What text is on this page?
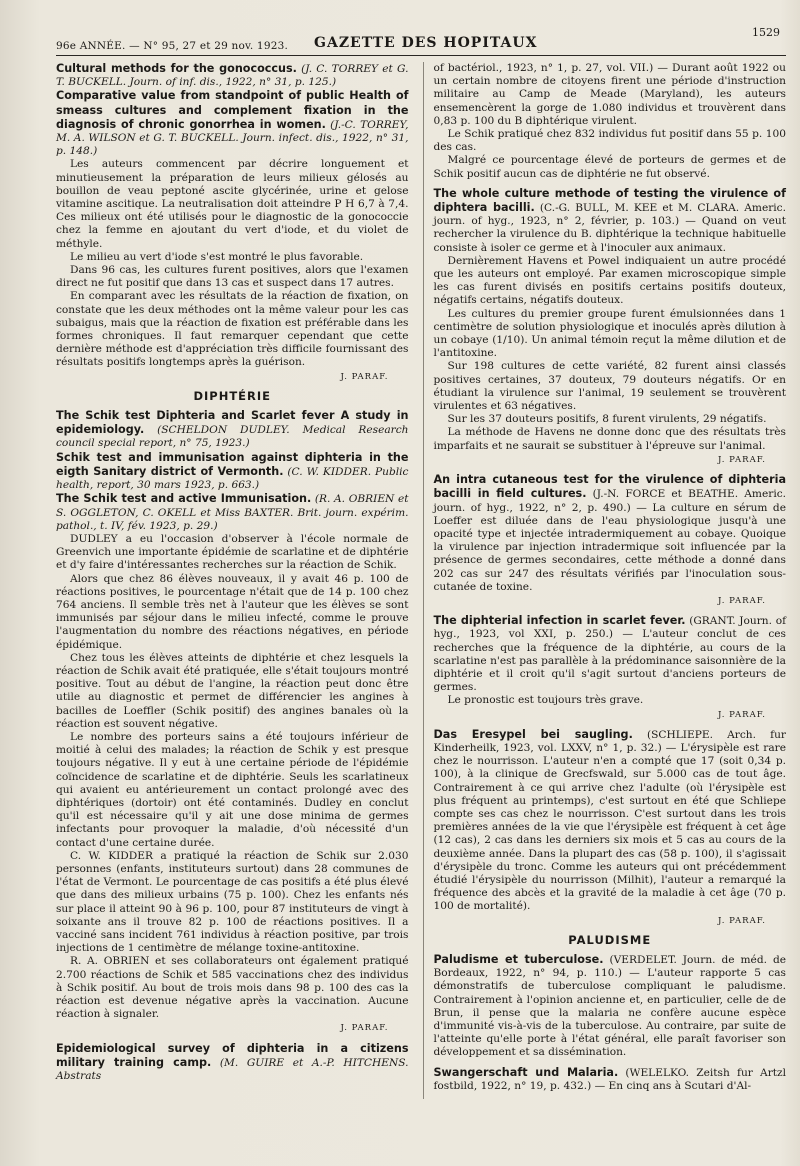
96e ANNÉE. — N° 95, 27 et 29 nov. 1923. GAZETTE DES HOPITAUX
1529
Cultural methods for the gonococcus. (J. C. TORREY et G. T. BUCKELL. Journ. of inf. dis., 1922, n° 31, p. 125.)
Comparative value from standpoint of public Health of smeass cultures and complement fixation in the diagnosis of chronic gonorrhea in women. (J.-C. TORREY, M. A. WILSON et G. T. BUCKELL. Journ. infect. dis., 1922, n° 31, p. 148.)

Les auteurs commencent par décrire longuement et minutieusement la préparation de leurs milieux gélosés au bouillon de veau peptoné ascite glycérinée, urine et gelose vitamine ascitique. La neutralisation doit atteindre P H 6,7 à 7,4. Ces milieux ont été utilisés pour le diagnostic de la gonococcie chez la femme en ajoutant du vert d'iode, et du violet de méthyle.

Le milieu au vert d'iode s'est montré le plus favorable.

Dans 96 cas, les cultures furent positives, alors que l'examen direct ne fut positif que dans 13 cas et suspect dans 17 autres.

En comparant avec les résultats de la réaction de fixation, on constate que les deux méthodes ont la même valeur pour les cas subaigus, mais que la réaction de fixation est préférable dans les formes chroniques. Il faut remarquer cependant que cette dernière méthode est d'appréciation très difficile fournissant des résultats positifs longtemps après la guérison.

J. PARAF.
DIPHTÉRIE
The Schik test Diphteria and Scarlet fever A study in epidemiology. (SCHELDON DUDLEY. Medical Research council special report, n° 75, 1923.)
Schik test and immunisation against diphteria in the eigth Sanitary district of Vermonth. (C. W. KIDDER. Public health, report, 30 mars 1923, p. 663.)
The Schik test and active Immunisation. (R. A. OBRIEN et S. OGGLETON, C. OKELL et Miss BAXTER. Brit. journ. expérim. pathol., t. IV, fév. 1923, p. 29.)

DUDLEY a eu l'occasion d'observer à l'école normale de Greenvich une importante épidémie de scarlatine et de diphtérie et d'y faire d'intéressantes recherches sur la réaction de Schik.

Alors que chez 86 élèves nouveaux, il y avait 46 p. 100 de réactions positives, le pourcentage n'était que de 14 p. 100 chez 764 anciens. Il semble très net à l'auteur que les élèves se sont immunisés par séjour dans le milieu infecté, comme le prouve l'augmentation du nombre des réactions négatives, en période épidémique.

Chez tous les élèves atteints de diphtérie et chez lesquels la réaction de Schik avait été pratiquée, elle s'était toujours montré positive. Tout au début de l'angine, la réaction peut donc être utile au diagnostic et permet de différencier les angines à bacilles de Loeffler (Schik positif) des angines banales où la réaction est souvent négative.

Le nombre des porteurs sains a été toujours inférieur de moitié à celui des malades; la réaction de Schik y est presque toujours négative. Il y eut à une certaine période de l'épidémie coïncidence de scarlatine et de diphtérie. Seuls les scarlatineux qui avaient eu antérieurement un contact prolongé avec des diphtériques (dortoir) ont été contaminés. Dudley en conclut qu'il est nécessaire qu'il y ait une dose minima de germes infectants pour provoquer la maladie, d'où nécessité d'un contact d'une certaine durée.

C. W. KIDDER a pratiqué la réaction de Schik sur 2.030 personnes (enfants, instituteurs surtout) dans 28 communes de l'état de Vermont. Le pourcentage de cas positifs a été plus élevé que dans des milieux urbains (75 p. 100). Chez les enfants nés sur place il atteint 90 à 96 p. 100, pour 87 instituteurs de vingt à soixante ans il trouve 82 p. 100 de réactions positives. Il a vacciné sans incident 761 individus à réaction positive, par trois injections de 1 centimètre de mélange toxine-antitoxine.

R. A. OBRIEN et ses collaborateurs ont également pratiqué 2.700 réactions de Schik et 585 vaccinations chez des individus à Schik positif. Au bout de trois mois dans 98 p. 100 des cas la réaction est devenue négative après la vaccination. Aucune réaction à signaler.

J. PARAF.
Epidemiological survey of diphteria in a citizens military training camp. (M. GUIRE et A.-P. HITCHENS. Abstrats
of bactériol., 1923, n° 1, p. 27, vol. VII.) — Durant août 1922 ou un certain nombre de citoyens firent une période d'instruction militaire au Camp de Meade (Maryland), les auteurs ensemencèrent la gorge de 1.080 individus et trouvèrent dans 0,83 p. 100 du B diphtérique virulent.

Le Schik pratiqué chez 832 individus fut positif dans 55 p. 100 des cas.

Malgré ce pourcentage élevé de porteurs de germes et de Schik positif aucun cas de diphtérie ne fut observé.

The whole culture methode of testing the virulence of diphtera bacilli. (C.-G. BULL, M. KEE et M. CLARA. Americ. journ. of hyg., 1923, n° 2, février, p. 103.) — Quand on veut rechercher la virulence du B. diphtérique la technique habituelle consiste à isoler ce germe et à l'inoculer aux animaux.

Dernièrement Havens et Powel indiquaient un autre procédé que les auteurs ont employé. Par examen microscopique simple les cas furent divisés en positifs certains positifs douteux, négatifs certains, négatifs douteux.

Les cultures du premier groupe furent émulsionnées dans 1 centimètre de solution physiologique et inoculés après dilution à un cobaye (1/10). Un animal témoin reçut la même dilution et de l'antitoxine.

Sur 198 cultures de cette variété, 82 furent ainsi classés positives certaines, 37 douteux, 79 douteurs négatifs. Or en étudiant la virulence sur l'animal, 19 seulement se trouvèrent virulentes et 63 négatives.

Sur les 37 douteurs positifs, 8 furent virulents, 29 négatifs.

La méthode de Havens ne donne donc que des résultats très imparfaits et ne saurait se substituer à l'épreuve sur l'animal.

J. PARAF.
An intra cutaneous test for the virulence of diphteria bacilli in field cultures. (J.-N. FORCE et BEATHE. Americ. journ. of hyg., 1922, n° 2, p. 490.) — La culture en sérum de Loeffer est diluée dans de l'eau physiologique jusqu'à une opacité type et injectée intradermiquement au cobaye. Quoique la virulence par injection intradermique soit influencée par la présence de germes secondaires, cette méthode a donné dans 202 cas sur 247 des résultats vérifiés par l'inoculation sous-cutanée de toxine.
J. PARAF.
The diphterial infection in scarlet fever. (GRANT. Journ. of hyg., 1923, vol XXI, p. 250.) — L'auteur conclut de ces recherches que la fréquence de la diphtérie, au cours de la scarlatine n'est pas parallèle à la prédominance saisonnière de la diphtérie et il croit qu'il s'agit surtout d'anciens porteurs de germes.

Le pronostic est toujours très grave.

J. PARAF.
Das Eresypel bei saugling. (SCHLIEPE. Arch. fur Kinderheilk, 1923, vol. LXXV, n° 1, p. 32.) — L'érysipèle est rare chez le nourrisson. L'auteur n'en a compté que 17 (soit 0,34 p. 100), à la clinique de Grecfswald, sur 5.000 cas de tout âge. Contrairement à ce qui arrive chez l'adulte (où l'érysipèle est plus fréquent au printemps), c'est surtout en été que Schliepe compte ses cas chez le nourrisson. C'est surtout dans les trois premières années de la vie que l'érysipèle est fréquent à cet âge (12 cas), 2 cas dans les derniers six mois et 5 cas au cours de la deuxième année. Dans la plupart des cas (58 p. 100), il s'agissait d'érysipèle du tronc. Comme les auteurs qui ont précédemment étudié l'érysipèle du nourrisson (Milhit), l'auteur a remarqué la fréquence des abcès et la gravité de la maladie à cet âge (70 p. 100 de mortalité).
J. PARAF.
PALUDISME
Paludisme et tuberculose. (VERDELET. Journ. de méd. de Bordeaux, 1922, n° 94, p. 110.) — L'auteur rapporte 5 cas démonstratifs de tuberculose compliquant le paludisme. Contrairement à l'opinion ancienne et, en particulier, celle de de Brun, il pense que la malaria ne confère aucune espèce d'immunité vis-à-vis de la tuberculose. Au contraire, par suite de l'atteinte qu'elle porte à l'état général, elle paraît favoriser son développement et sa dissémination.
Swangerschaft und Malaria. (WELELKO. Zeitsh fur Artzl fostbild, 1922, n° 19, p. 432.) — En cinq ans à Scutari d'Al-
